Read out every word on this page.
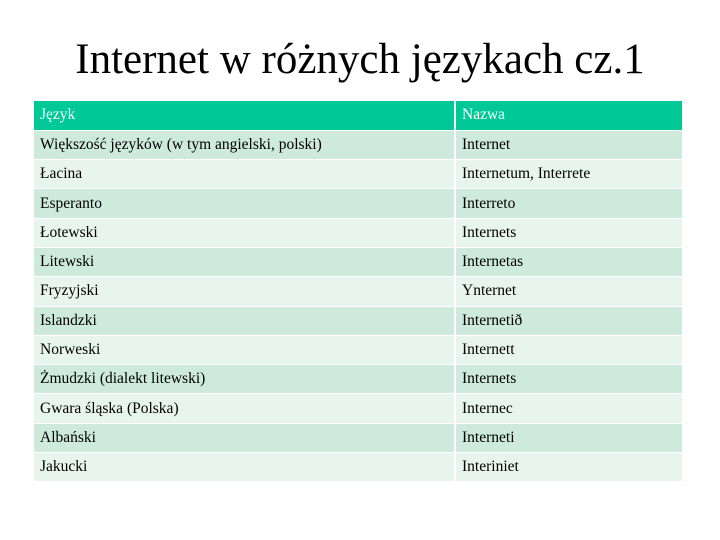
Internet w różnych językach cz.1
Język	Nazwa
Większość języków (w tym angielski, polski)	Internet
Łacina	Internetum, Interrete
Esperanto	Interreto
Łotewski	Internets
Litewski	Internetas
Fryzyjski	Ynternet
Islandzki	Internetið
Norweski	Internett
Żmudzki (dialekt litewski)	Internets
Gwara śląska (Polska)	Internec
Albański	Interneti
Jakucki	Interiniet
